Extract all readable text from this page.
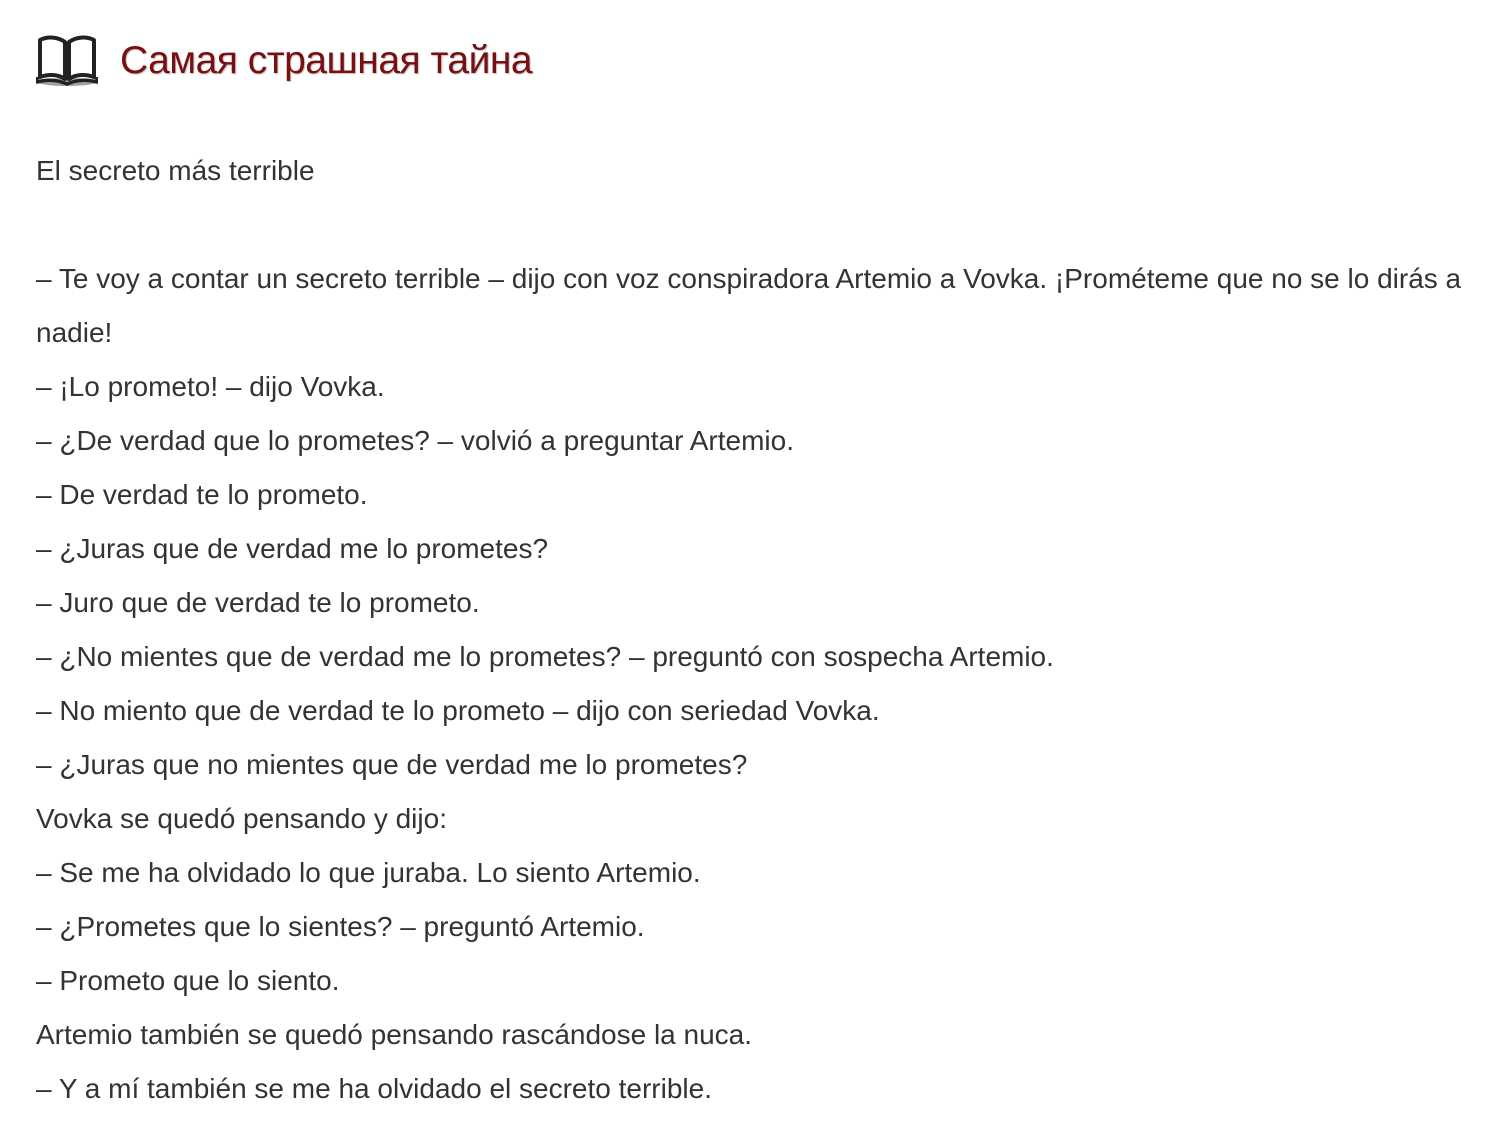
Самая страшная тайна

El secreto más terrible

– Te voy a contar un secreto terrible – dijo con voz conspiradora Artemio a Vovka. ¡Prométeme que no se lo dirás a nadie!

– ¡Lo prometo! – dijo Vovka.

– ¿De verdad que lo prometes? – volvió a preguntar Artemio.

– De verdad te lo prometo.

– ¿Juras que de verdad me lo prometes?

– Juro que de verdad te lo prometo.

– ¿No mientes que de verdad me lo prometes? – preguntó con sospecha Artemio.

– No miento que de verdad te lo prometo – dijo con seriedad Vovka.

– ¿Juras que no mientes que de verdad me lo prometes?

Vovka se quedó pensando y dijo:

– Se me ha olvidado lo que juraba. Lo siento Artemio.

– ¿Prometes que lo sientes? – preguntó Artemio.

– Prometo que lo siento.

Artemio también se quedó pensando rascándose la nuca.

– Y a mí también se me ha olvidado el secreto terrible.
